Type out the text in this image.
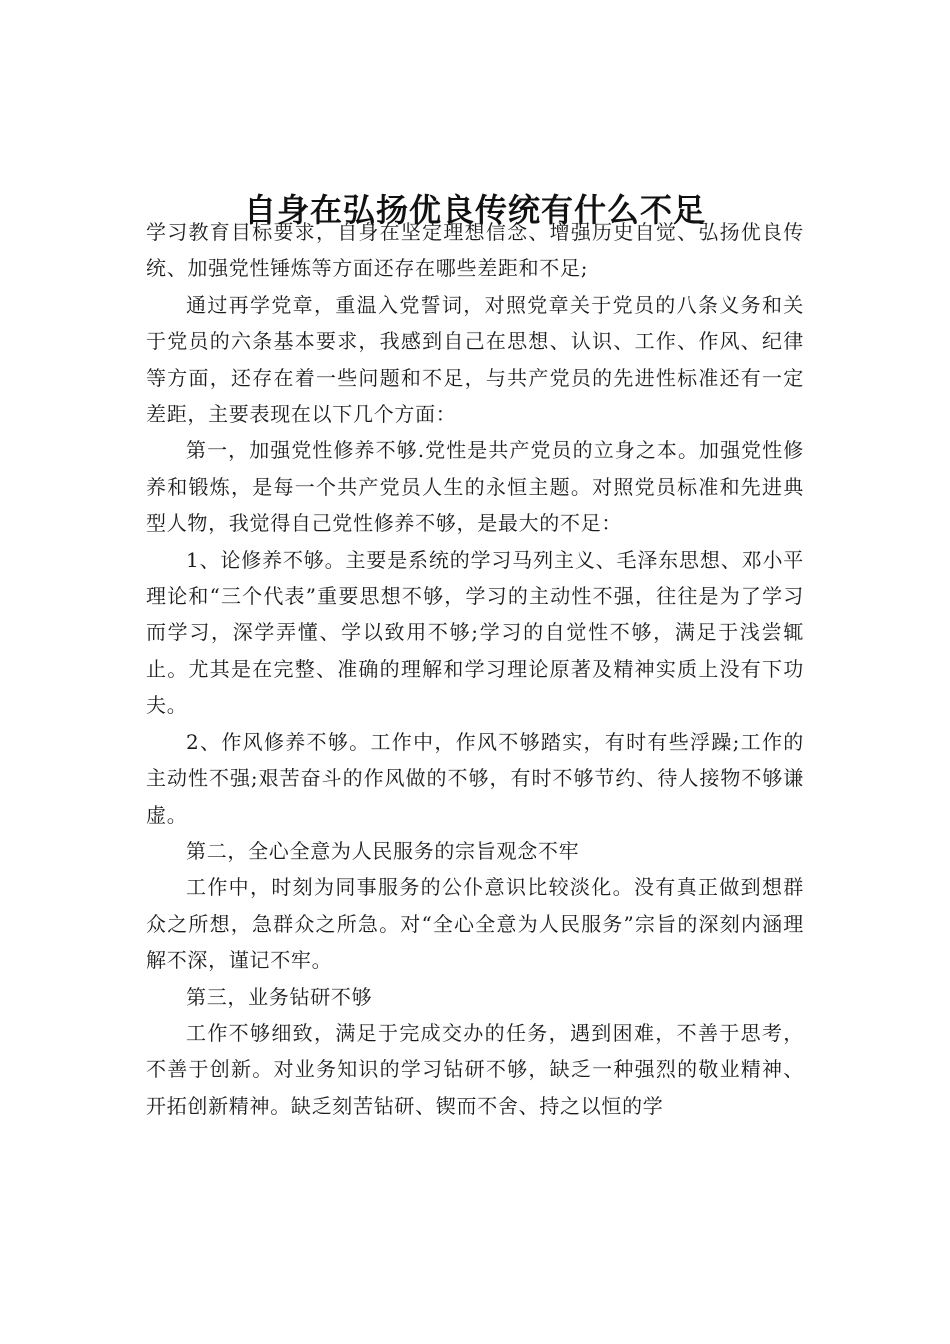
自身在弘扬优良传统有什么不足

学习教育目标要求，自身在坚定理想信念、增强历史自觉、弘扬优良传统、加强党性锤炼等方面还存在哪些差距和不足;

通过再学党章，重温入党誓词，对照党章关于党员的八条义务和关于党员的六条基本要求，我感到自己在思想、认识、工作、作风、纪律等方面，还存在着一些问题和不足，与共产党员的先进性标准还有一定差距，主要表现在以下几个方面：

第一，加强党性修养不够.党性是共产党员的立身之本。加强党性修养和锻炼，是每一个共产党员人生的永恒主题。对照党员标准和先进典型人物，我觉得自己党性修养不够，是最大的不足：

1、论修养不够。主要是系统的学习马列主义、毛泽东思想、邓小平理论和“三个代表”重要思想不够，学习的主动性不强，往往是为了学习而学习，深学弄懂、学以致用不够;学习的自觉性不够，满足于浅尝辄止。尤其是在完整、准确的理解和学习理论原著及精神实质上没有下功夫。

2、作风修养不够。工作中，作风不够踏实，有时有些浮躁;工作的主动性不强;艰苦奋斗的作风做的不够，有时不够节约、待人接物不够谦虚。

第二，全心全意为人民服务的宗旨观念不牢

工作中，时刻为同事服务的公仆意识比较淡化。没有真正做到想群众之所想，急群众之所急。对“全心全意为人民服务”宗旨的深刻内涵理解不深，谨记不牢。

第三，业务钻研不够

工作不够细致，满足于完成交办的任务，遇到困难，不善于思考，不善于创新。对业务知识的学习钻研不够，缺乏一种强烈的敬业精神、开拓创新精神。缺乏刻苦钻研、锲而不舍、持之以恒的学
